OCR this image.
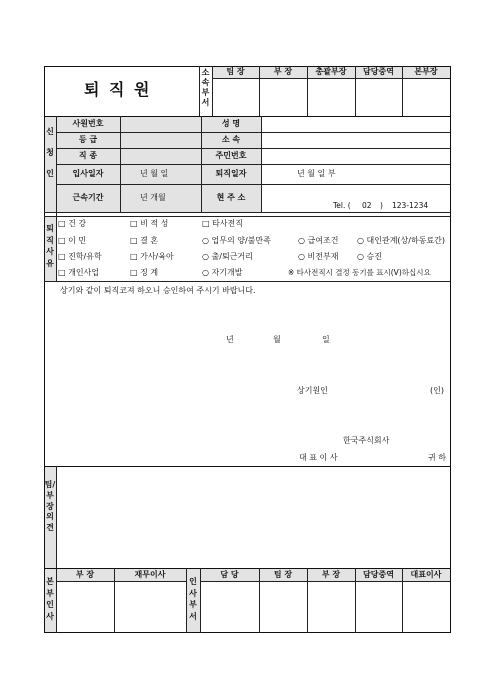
퇴 직 원
소속부서
팀 장	부 장	총괄부장	담당중역	본부장
신청인
사원번호	성 명
등 급	소 속
직 종	주민번호
입사일자	년 월 일	퇴직일자	년 월 일 부
근속기간	년 개월	현 주 소
Tel. ( 02 ) 123-1234
퇴직사유
□ 건 강	□ 비 적 성	□ 타사전직
□ 이 민	□ 결 혼	○ 업무의 양/불만족	○ 급여조건 ○ 대인관계(상/하동료간)
□ 진학/유학	□ 가사/육아	○ 출/퇴근거리	○ 비전부재 ○ 승진
□ 개인사업	□ 징 계	○ 자기개발	※ 타사전직시 결정 동기를 표시(V)하십시요
상기와 같이 퇴직코져 하오니 승인하여 주시기 바랍니다.
년	월	일
상기원인	(인)
한국주식회사
대 표 이 사	귀 하
팀/부장의견
본부인사
부 장	재무이사
인사부서
담 당	팀 장	부 장	담당중역	대표이사
